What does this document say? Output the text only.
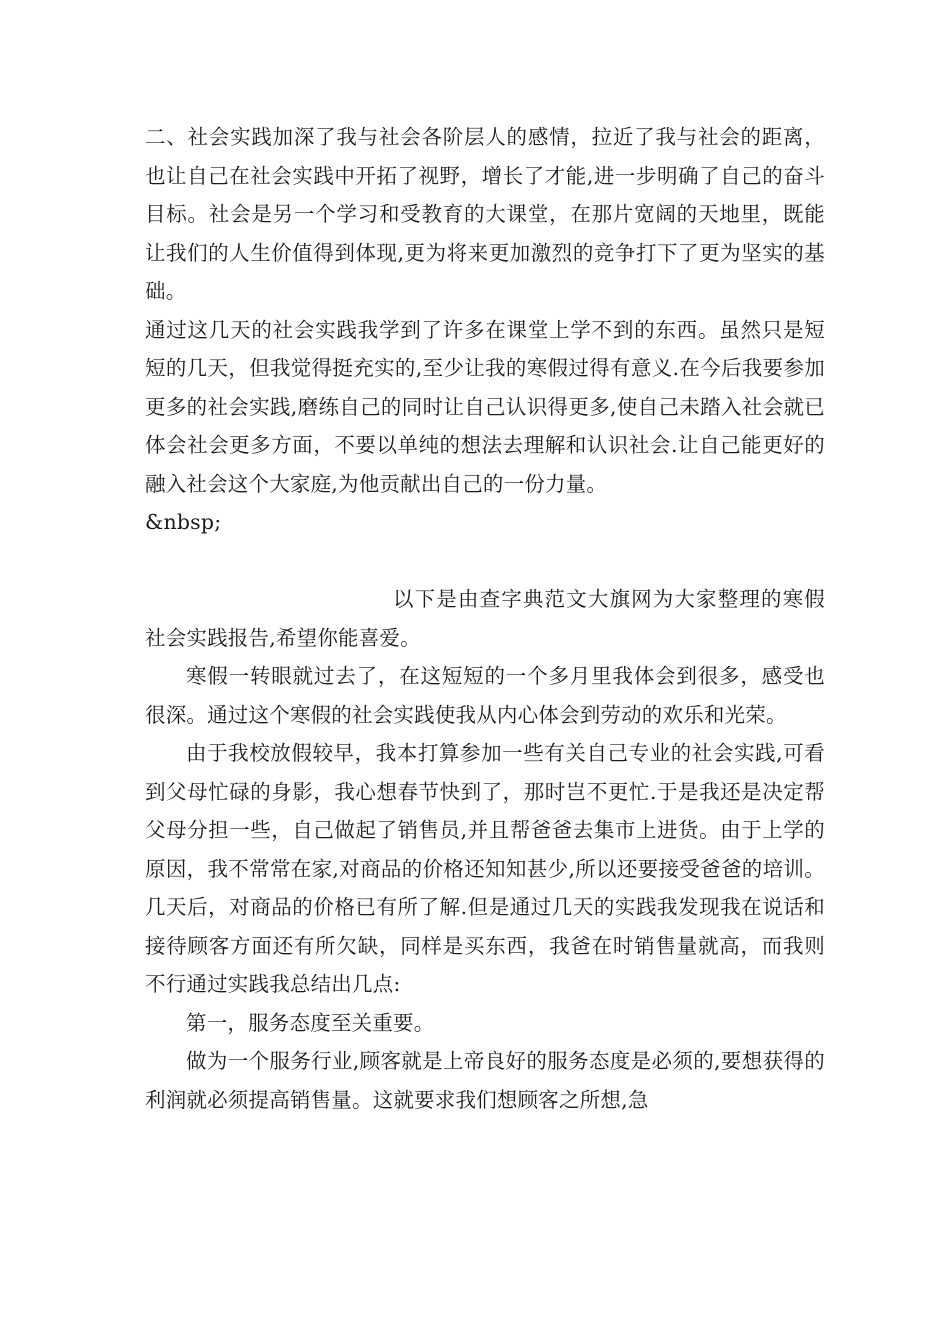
二、社会实践加深了我与社会各阶层人的感情，拉近了我与社会的距离，也让自己在社会实践中开拓了视野，增长了才能,进一步明确了自己的奋斗目标。社会是另一个学习和受教育的大课堂，在那片宽阔的天地里，既能让我们的人生价值得到体现,更为将来更加激烈的竞争打下了更为坚实的基础。

通过这几天的社会实践我学到了许多在课堂上学不到的东西。虽然只是短短的几天，但我觉得挺充实的,至少让我的寒假过得有意义.在今后我要参加更多的社会实践,磨练自己的同时让自己认识得更多,使自己未踏入社会就已体会社会更多方面，不要以单纯的想法去理解和认识社会.让自己能更好的融入社会这个大家庭,为他贡献出自己的一份力量。

&nbsp;

以下是由查字典范文大旗网为大家整理的寒假社会实践报告,希望你能喜爱。

寒假一转眼就过去了，在这短短的一个多月里我体会到很多，感受也很深。通过这个寒假的社会实践使我从内心体会到劳动的欢乐和光荣。

由于我校放假较早，我本打算参加一些有关自己专业的社会实践,可看到父母忙碌的身影，我心想春节快到了，那时岂不更忙.于是我还是决定帮父母分担一些，自己做起了销售员,并且帮爸爸去集市上进货。由于上学的原因，我不常常在家,对商品的价格还知知甚少,所以还要接受爸爸的培训。几天后，对商品的价格已有所了解.但是通过几天的实践我发现我在说话和接待顾客方面还有所欠缺，同样是买东西，我爸在时销售量就高，而我则不行通过实践我总结出几点:

第一，服务态度至关重要。

做为一个服务行业,顾客就是上帝良好的服务态度是必须的,要想获得的利润就必须提高销售量。这就要求我们想顾客之所想,急
